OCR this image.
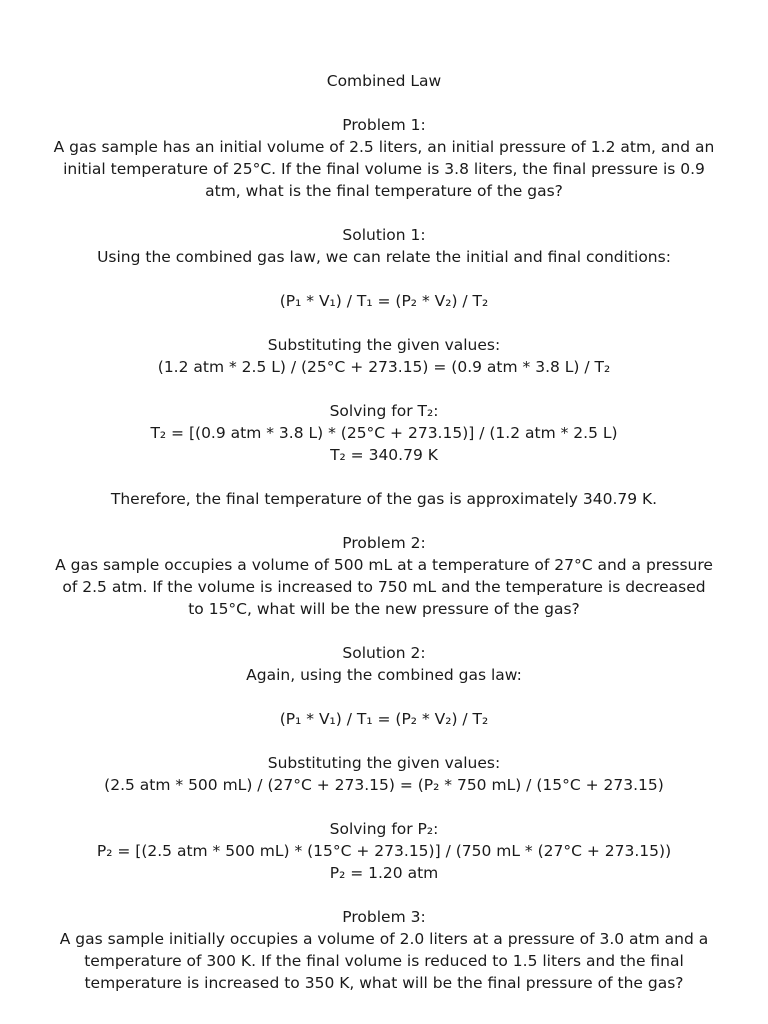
Combined Law
Problem 1:
A gas sample has an initial volume of 2.5 liters, an initial pressure of 1.2 atm, and an
initial temperature of 25°C. If the final volume is 3.8 liters, the final pressure is 0.9
atm, what is the final temperature of the gas?
Solution 1:
Using the combined gas law, we can relate the initial and final conditions:
(P₁ * V₁) / T₁ = (P₂ * V₂) / T₂
Substituting the given values:
(1.2 atm * 2.5 L) / (25°C + 273.15) = (0.9 atm * 3.8 L) / T₂
Solving for T₂:
T₂ = [(0.9 atm * 3.8 L) * (25°C + 273.15)] / (1.2 atm * 2.5 L)
T₂ = 340.79 K
Therefore, the final temperature of the gas is approximately 340.79 K.
Problem 2:
A gas sample occupies a volume of 500 mL at a temperature of 27°C and a pressure
of 2.5 atm. If the volume is increased to 750 mL and the temperature is decreased
to 15°C, what will be the new pressure of the gas?
Solution 2:
Again, using the combined gas law:
(P₁ * V₁) / T₁ = (P₂ * V₂) / T₂
Substituting the given values:
(2.5 atm * 500 mL) / (27°C + 273.15) = (P₂ * 750 mL) / (15°C + 273.15)
Solving for P₂:
P₂ = [(2.5 atm * 500 mL) * (15°C + 273.15)] / (750 mL * (27°C + 273.15))
P₂ = 1.20 atm
Problem 3:
A gas sample initially occupies a volume of 2.0 liters at a pressure of 3.0 atm and a
temperature of 300 K. If the final volume is reduced to 1.5 liters and the final
temperature is increased to 350 K, what will be the final pressure of the gas?
